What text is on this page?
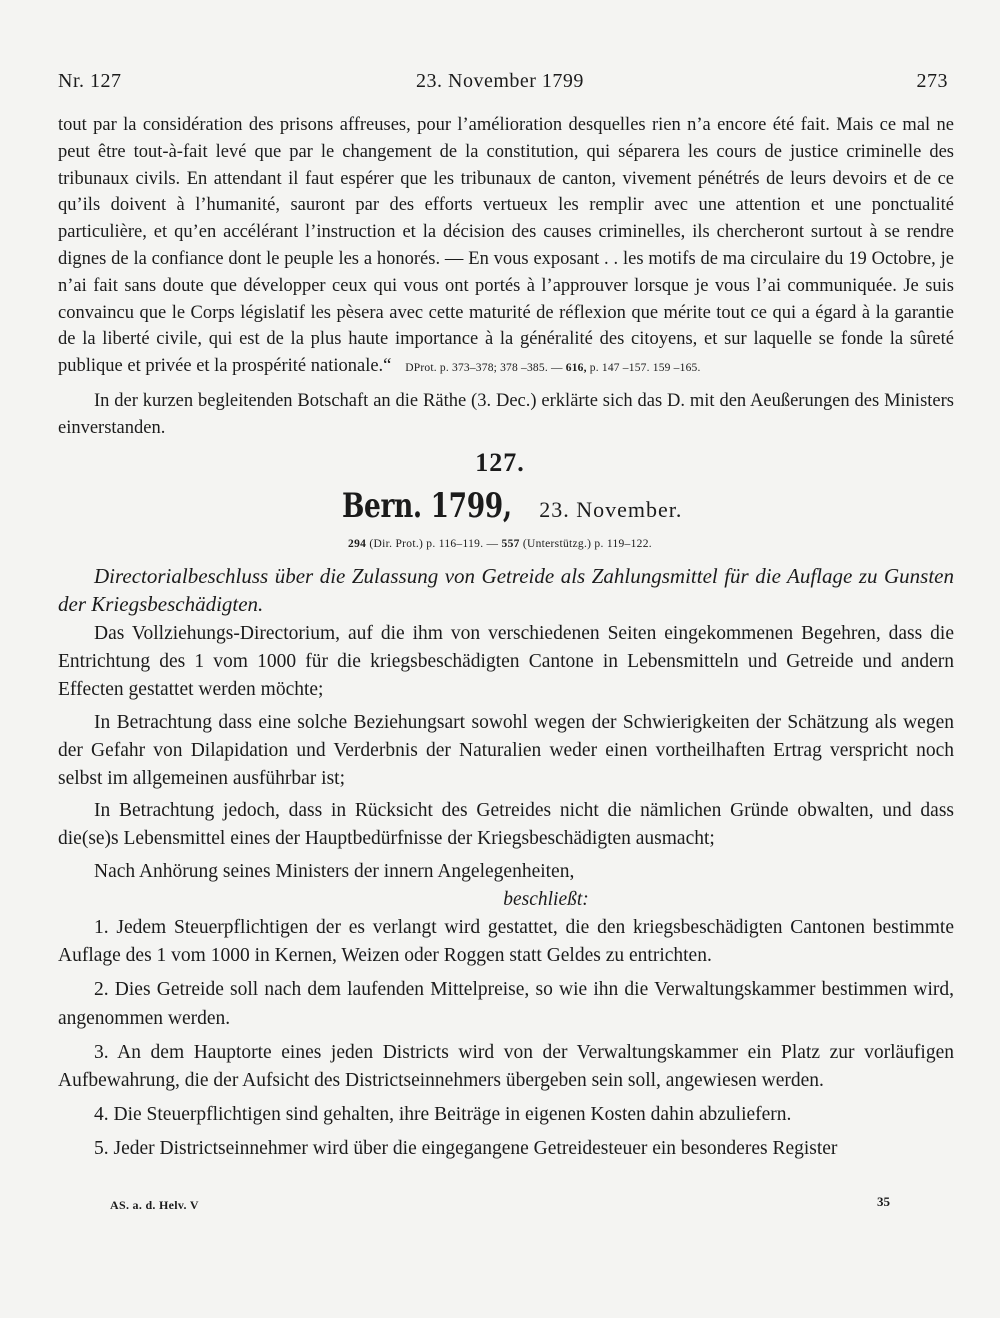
Nr. 127	23. November 1799	273

tout par la considération des prisons affreuses, pour l’amélioration desquelles rien n’a encore été fait. Mais ce mal ne peut être tout-à-fait levé que par le changement de la constitution, qui séparera les cours de justice criminelle des tribunaux civils. En attendant il faut espérer que les tribunaux de canton, vivement pénétrés de leurs devoirs et de ce qu’ils doivent à l’humanité, sauront par des efforts vertueux les remplir avec une attention et une ponctualité particulière, et qu’en accélérant l’instruction et la décision des causes criminelles, ils chercheront surtout à se rendre dignes de la confiance dont le peuple les a honorés. — En vous exposant . . les motifs de ma circulaire du 19 Octobre, je n’ai fait sans doute que développer ceux qui vous ont portés à l’approuver lorsque je vous l’ai communiquée. Je suis convaincu que le Corps législatif les pèsera avec cette maturité de réflexion que mérite tout ce qui a égard à la garantie de la liberté civile, qui est de la plus haute importance à la généralité des citoyens, et sur laquelle se fonde la sûreté publique et privée et la prospérité nationale.“ DProt. p. 373–378; 378 –385. — 616, p. 147 –157. 159 –165.

In der kurzen begleitenden Botschaft an die Räthe (3. Dec.) erklärte sich das D. mit den Aeußerungen des Ministers einverstanden.

127.
Bern. 1799, 23. November.
294 (Dir. Prot.) p. 116–119. — 557 (Unterstützg.) p. 119–122.
Directorialbeschluss über die Zulassung von Getreide als Zahlungsmittel für die Auflage zu Gunsten der Kriegsbeschädigten.

Das Vollziehungs-Directorium, auf die ihm von verschiedenen Seiten eingekommenen Begehren, dass die Entrichtung des 1 vom 1000 für die kriegsbeschädigten Cantone in Lebensmitteln und Getreide und andern Effecten gestattet werden möchte;

In Betrachtung dass eine solche Beziehungsart sowohl wegen der Schwierigkeiten der Schätzung als wegen der Gefahr von Dilapidation und Verderbnis der Naturalien weder einen vortheilhaften Ertrag verspricht noch selbst im allgemeinen ausführbar ist;

In Betrachtung jedoch, dass in Rücksicht des Getreides nicht die nämlichen Gründe obwalten, und dass die(se)s Lebensmittel eines der Hauptbedürfnisse der Kriegsbeschädigten ausmacht;

Nach Anhörung seines Ministers der innern Angelegenheiten,

beschließt:

1. Jedem Steuerpflichtigen der es verlangt wird gestattet, die den kriegsbeschädigten Cantonen bestimmte Auflage des 1 vom 1000 in Kernen, Weizen oder Roggen statt Geldes zu entrichten.

2. Dies Getreide soll nach dem laufenden Mittelpreise, so wie ihn die Verwaltungskammer bestimmen wird, angenommen werden.

3. An dem Hauptorte eines jeden Districts wird von der Verwaltungskammer ein Platz zur vorläufigen Aufbewahrung, die der Aufsicht des Districtseinnehmers übergeben sein soll, angewiesen werden.

4. Die Steuerpflichtigen sind gehalten, ihre Beiträge in eigenen Kosten dahin abzuliefern.

5. Jeder Districtseinnehmer wird über die eingegangene Getreidesteuer ein besonderes Register

AS. a. d. Helv. V	35
